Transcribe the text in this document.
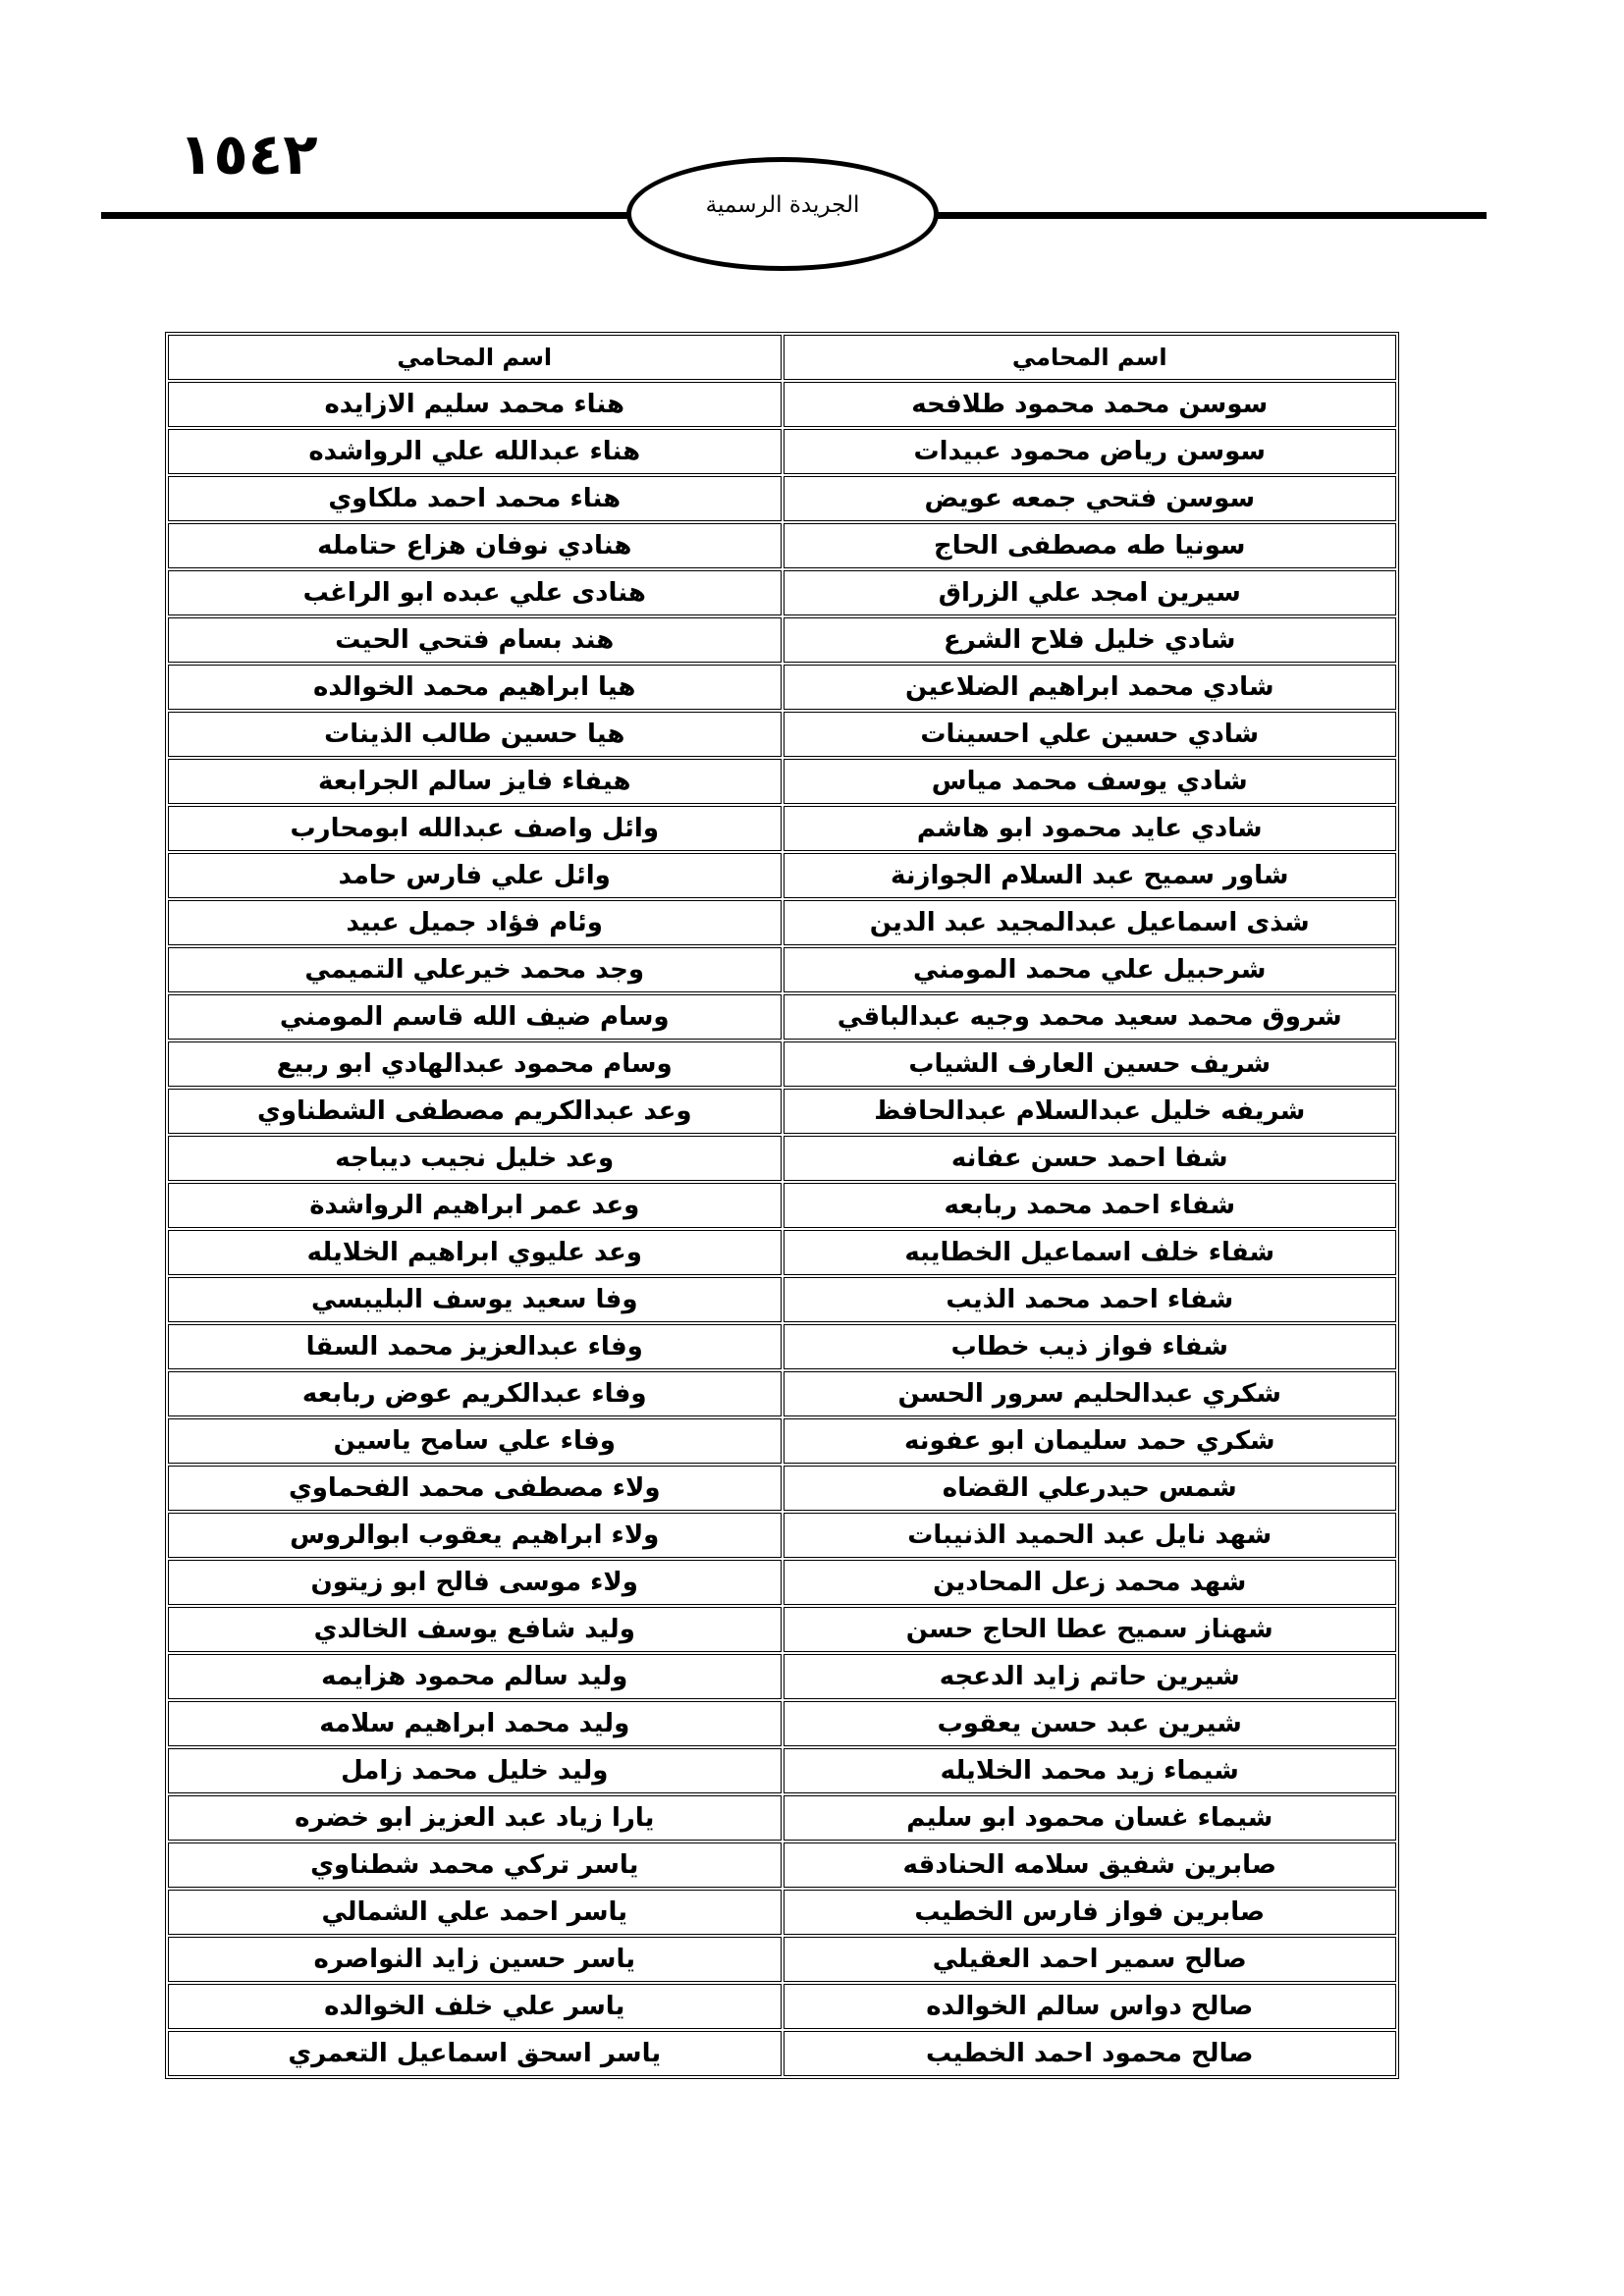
١٥٤٢
الجريدة الرسمية
اسم المحامي	اسم المحامي
سوسن محمد محمود طلافحه	هناء محمد سليم الازايده
سوسن رياض محمود عبيدات	هناء عبدالله علي الرواشده
سوسن فتحي جمعه عويض	هناء محمد احمد ملكاوي
سونيا طه مصطفى الحاج	هنادي نوفان هزاع حتامله
سيرين امجد علي الزراق	هنادى علي عبده ابو الراغب
شادي خليل فلاح الشرع	هند بسام فتحي الحيت
شادي محمد ابراهيم الضلاعين	هيا ابراهيم محمد الخوالده
شادي حسين علي احسينات	هيا حسين طالب الذينات
شادي يوسف محمد مياس	هيفاء فايز سالم الجرابعة
شادي عايد محمود ابو هاشم	وائل واصف عبدالله ابومحارب
شاور سميح عبد السلام الجوازنة	وائل علي فارس حامد
شذى اسماعيل عبدالمجيد عبد الدين	وئام فؤاد جميل عبيد
شرحبيل علي محمد المومني	وجد محمد خيرعلي التميمي
شروق محمد سعيد محمد وجيه عبدالباقي	وسام ضيف الله قاسم المومني
شريف حسين العارف الشياب	وسام محمود عبدالهادي ابو ربيع
شريفه خليل عبدالسلام عبدالحافظ	وعد عبدالكريم مصطفى الشطناوي
شفا احمد حسن عفانه	وعد خليل نجيب ديباجه
شفاء احمد محمد ربابعه	وعد عمر ابراهيم الرواشدة
شفاء خلف اسماعيل الخطايبه	وعد عليوي ابراهيم الخلايله
شفاء احمد محمد الذيب	وفا سعيد يوسف البليبسي
شفاء فواز ذيب خطاب	وفاء عبدالعزيز محمد السقا
شكري عبدالحليم سرور الحسن	وفاء عبدالكريم عوض ربابعه
شكري حمد سليمان ابو عفونه	وفاء علي سامح ياسين
شمس حيدرعلي القضاه	ولاء مصطفى محمد الفحماوي
شهد نايل عبد الحميد الذنيبات	ولاء ابراهيم يعقوب ابوالروس
شهد محمد زعل المحادين	ولاء موسى فالح ابو زيتون
شهناز سميح عطا الحاج حسن	وليد شافع يوسف الخالدي
شيرين حاتم زايد الدعجه	وليد سالم محمود هزايمه
شيرين عبد حسن يعقوب	وليد محمد ابراهيم سلامه
شيماء زيد محمد الخلايله	وليد خليل محمد زامل
شيماء غسان محمود ابو سليم	يارا زياد عبد العزيز ابو خضره
صابرين شفيق سلامه الحنادقه	ياسر تركي محمد شطناوي
صابرين فواز فارس الخطيب	ياسر احمد علي الشمالي
صالح سمير احمد العقيلي	ياسر حسين زايد النواصره
صالح دواس سالم الخوالده	ياسر علي خلف الخوالده
صالح محمود احمد الخطيب	ياسر اسحق اسماعيل التعمري
